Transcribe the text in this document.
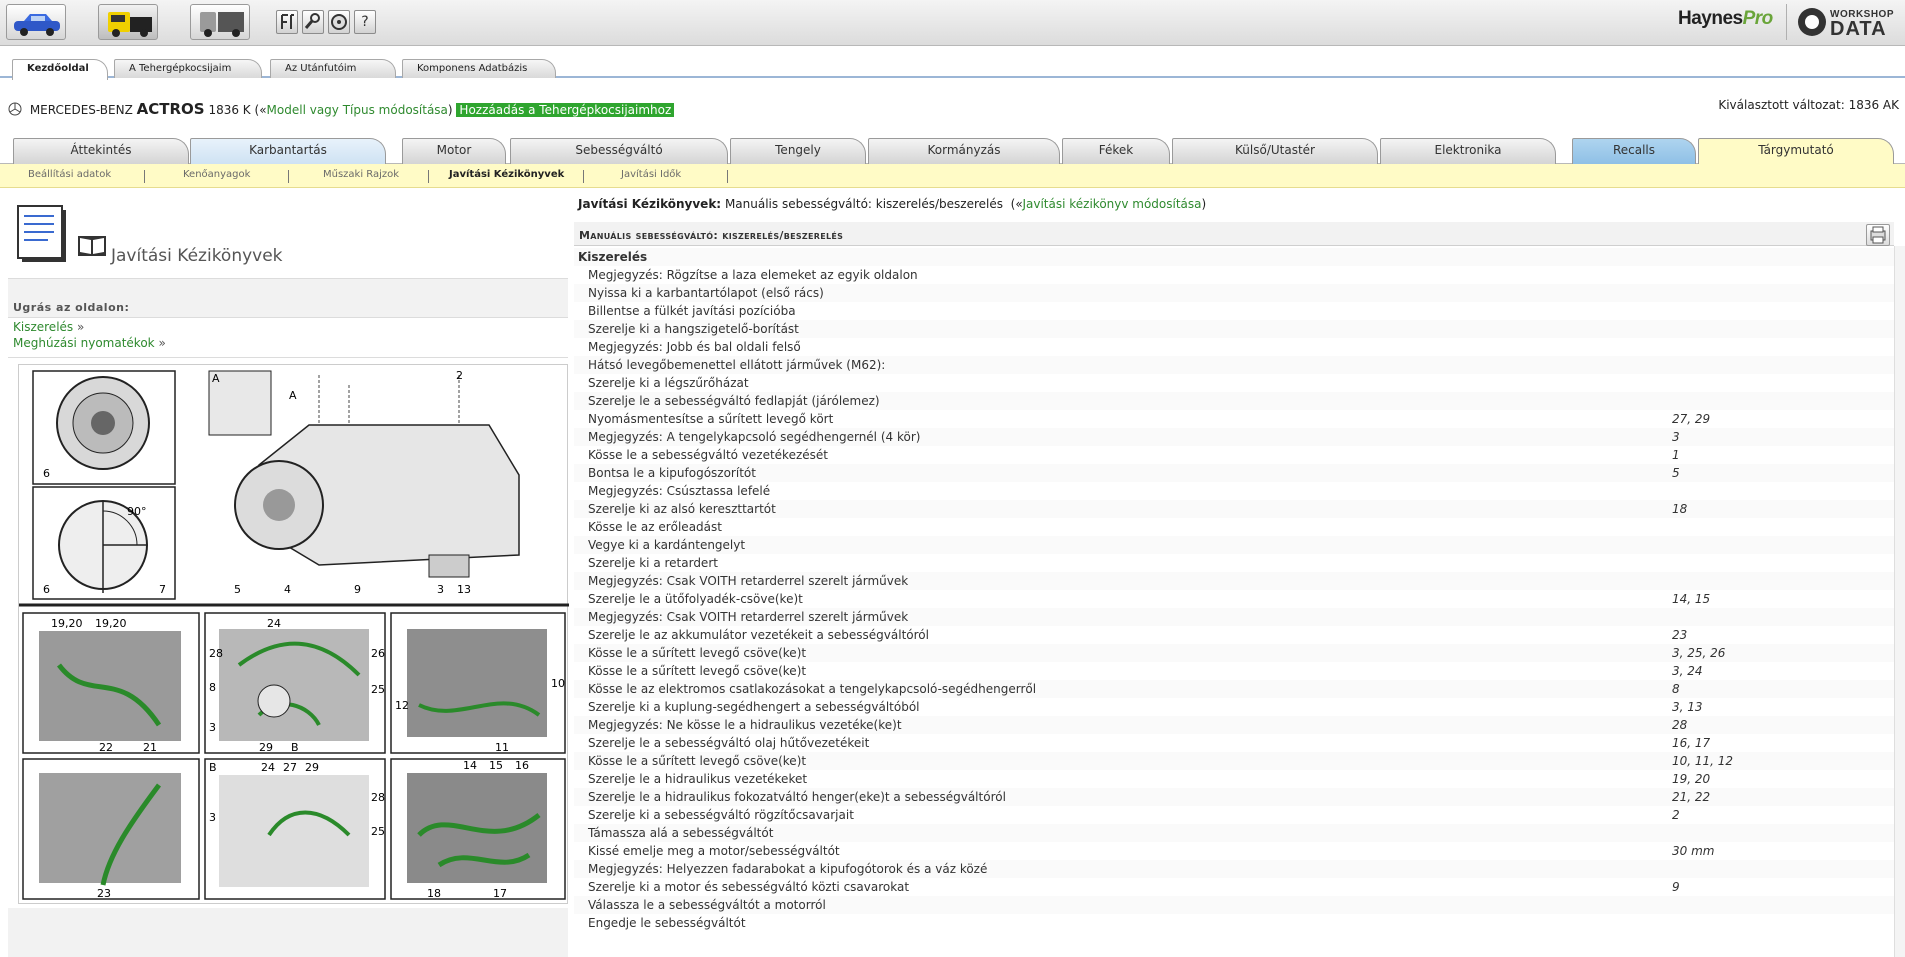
?	HaynesPro	WORKSHOP
DATA
Kezdőoldal	A Tehergépkocsijaim	Az Utánfutóim	Komponens Adatbázis
MERCEDES-BENZ ACTROS 1836 K («Modell vagy Típus módosítása) Hozzáadás a Tehergépkocsijaimhoz	Kiválasztott változat: 1836 AK
Áttekintés	Karbantartás	Motor	Sebességváltó	Tengely	Kormányzás	Fékek	Külső/Utastér	Elektronika	Recalls	Tárgymutató
Beállítási adatok	Kenőanyagok	Műszaki Rajzok	Javítási Kézikönyvek	Javítási Idők
Javítási Kézikönyvek
Ugrás az oldalon:
Kiszerelés »
Meghúzási nyomatékok »
6
90°
6	7
2
A
A
5	4	9	3 13
19,20 19,20
22	21
24
28	26
8	25
3
29 B
12
10
11
23
B	24 27 29
28
3
25
14 15 16
18	17
Javítási Kézikönyvek: Manuális sebességváltó: kiszerelés/beszerelés («Javítási kézikönyv módosítása)
Manuális sebességváltó: kiszerelés/beszerelés
Kiszerelés	
Megjegyzés: Rögzítse a laza elemeket az egyik oldalon	
Nyissa ki a karbantartólapot (első rács)	
Billentse a fülkét javítási pozícióba	
Szerelje ki a hangszigetelő-borítást	
Megjegyzés: Jobb és bal oldali felső	
Hátsó levegőbemenettel ellátott járművek (M62):	
Szerelje ki a légszűrőházat	
Szerelje le a sebességváltó fedlapját (járólemez)	
Nyomásmentesítse a sűrített levegő kört	27, 29
Megjegyzés: A tengelykapcsoló segédhengernél (4 kör)	3
Kösse le a sebességváltó vezetékezését	1
Bontsa le a kipufogószorítót	5
Megjegyzés: Csúsztassa lefelé	
Szerelje ki az alsó kereszttartót	18
Kösse le az erőleadást	
Vegye ki a kardántengelyt	
Szerelje ki a retardert	
Megjegyzés: Csak VOITH retarderrel szerelt járművek	
Szerelje le a ütőfolyadék-csöve(ke)t	14, 15
Megjegyzés: Csak VOITH retarderrel szerelt járművek	
Szerelje le az akkumulátor vezetékeit a sebességváltóról	23
Kösse le a sűrített levegő csöve(ke)t	3, 25, 26
Kösse le a sűrített levegő csöve(ke)t	3, 24
Kösse le az elektromos csatlakozásokat a tengelykapcsoló-segédhengerről	8
Szerelje ki a kuplung-segédhengert a sebességváltóból	3, 13
Megjegyzés: Ne kösse le a hidraulikus vezetéke(ke)t	28
Szerelje le a sebességváltó olaj hűtővezetékeit	16, 17
Kösse le a sűrített levegő csöve(ke)t	10, 11, 12
Szerelje le a hidraulikus vezetékeket	19, 20
Szerelje le a hidraulikus fokozatváltó henger(eke)t a sebességváltóról	21, 22
Szerelje ki a sebességváltó rögzítőcsavarjait	2
Támassza alá a sebességváltót	
Kissé emelje meg a motor/sebességváltót	30 mm
Megjegyzés: Helyezzen fadarabokat a kipufogótorok és a váz közé	
Szerelje ki a motor és sebességváltó közti csavarokat	9
Válassza le a sebességváltót a motorról	
Engedje le sebességváltót	
